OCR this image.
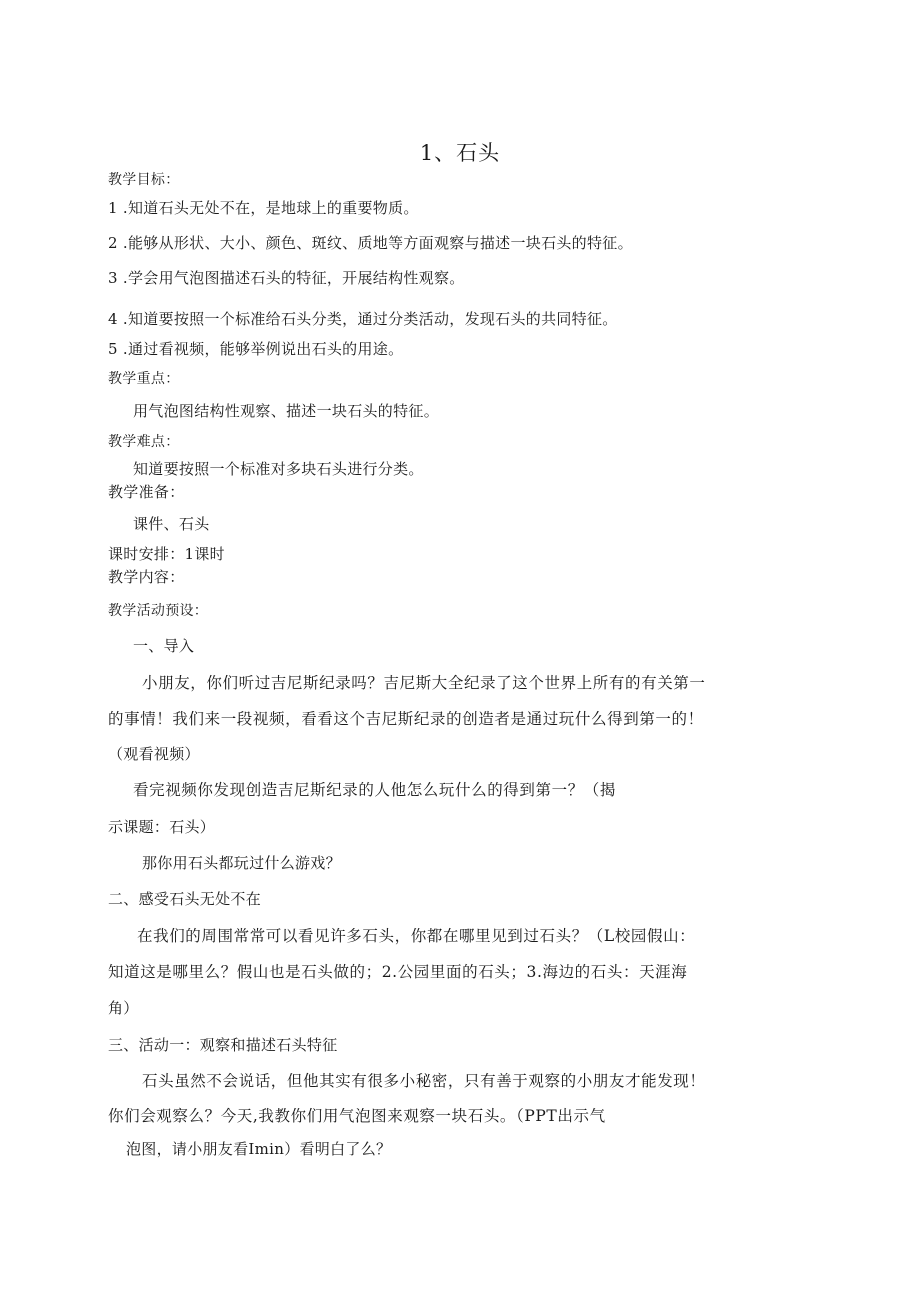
1、石头
教学目标：
1 .知道石头无处不在，是地球上的重要物质。
2 .能够从形状、大小、颜色、斑纹、质地等方面观察与描述一块石头的特征。
3 .学会用气泡图描述石头的特征，开展结构性观察。
4 .知道要按照一个标准给石头分类，通过分类活动，发现石头的共同特征。
5 .通过看视频，能够举例说出石头的用途。
教学重点：
用气泡图结构性观察、描述一块石头的特征。
教学难点：
知道要按照一个标准对多块石头进行分类。
教学准备：
课件、石头
课时安排：1课时
教学内容：
教学活动预设：
一、导入
小朋友，你们听过吉尼斯纪录吗？吉尼斯大全纪录了这个世界上所有的有关第一
的事情！我们来一段视频，看看这个吉尼斯纪录的创造者是通过玩什么得到第一的！
（观看视频）
看完视频你发现创造吉尼斯纪录的人他怎么玩什么的得到第一？（揭
示课题：石头）
那你用石头都玩过什么游戏？
二、感受石头无处不在
在我们的周围常常可以看见许多石头，你都在哪里见到过石头？（L校园假山：
知道这是哪里么？假山也是石头做的；2.公园里面的石头；3.海边的石头：天涯海
角）
三、活动一：观察和描述石头特征
石头虽然不会说话，但他其实有很多小秘密，只有善于观察的小朋友才能发现！
你们会观察么？今天,我教你们用气泡图来观察一块石头。（PPT出示气
泡图，请小朋友看Imin）看明白了么？
